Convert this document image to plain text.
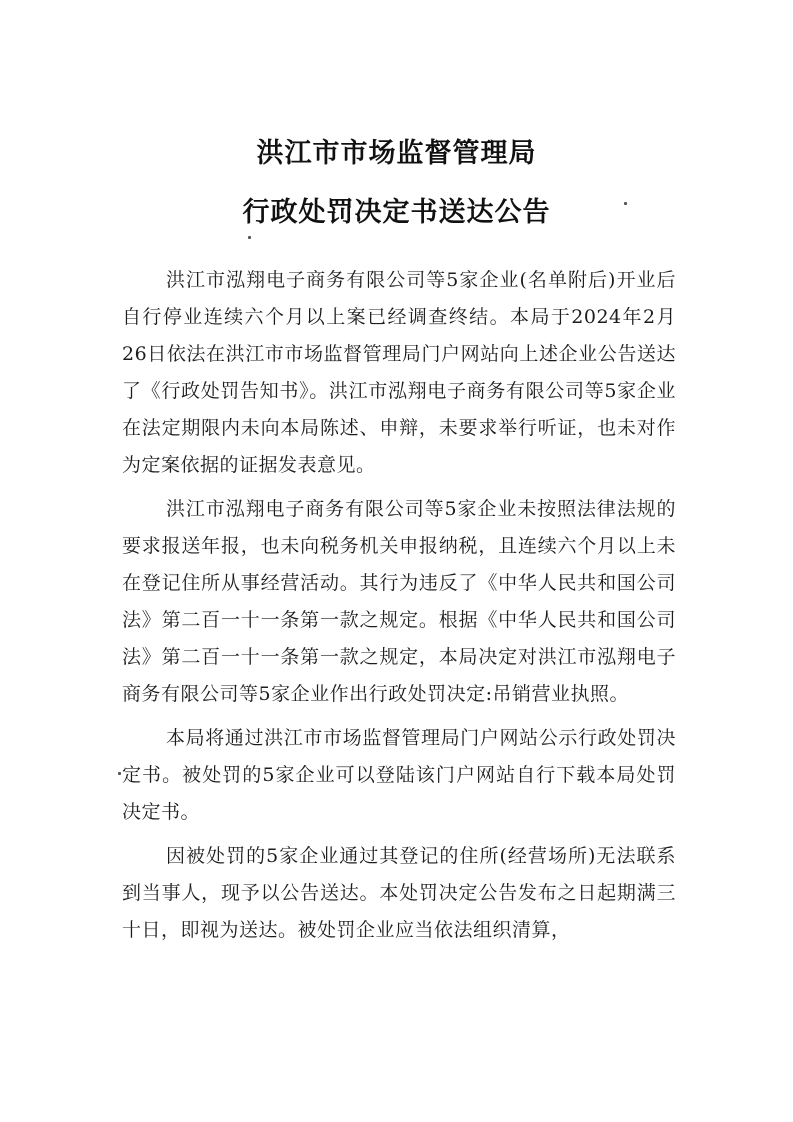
洪江市市场监督管理局
行政处罚决定书送达公告

洪江市泓翔电子商务有限公司等5家企业(名单附后)开业后自行停业连续六个月以上案已经调查终结。本局于2024年2月26日依法在洪江市市场监督管理局门户网站向上述企业公告送达了《行政处罚告知书》。洪江市泓翔电子商务有限公司等5家企业在法定期限内未向本局陈述、申辩，未要求举行听证，也未对作为定案依据的证据发表意见。

洪江市泓翔电子商务有限公司等5家企业未按照法律法规的要求报送年报，也未向税务机关申报纳税，且连续六个月以上未在登记住所从事经营活动。其行为违反了《中华人民共和国公司法》第二百一十一条第一款之规定。根据《中华人民共和国公司法》第二百一十一条第一款之规定，本局决定对洪江市泓翔电子商务有限公司等5家企业作出行政处罚决定:吊销营业执照。

本局将通过洪江市市场监督管理局门户网站公示行政处罚决定书。被处罚的5家企业可以登陆该门户网站自行下载本局处罚决定书。

因被处罚的5家企业通过其登记的住所(经营场所)无法联系到当事人，现予以公告送达。本处罚决定公告发布之日起期满三十日，即视为送达。被处罚企业应当依法组织清算，
